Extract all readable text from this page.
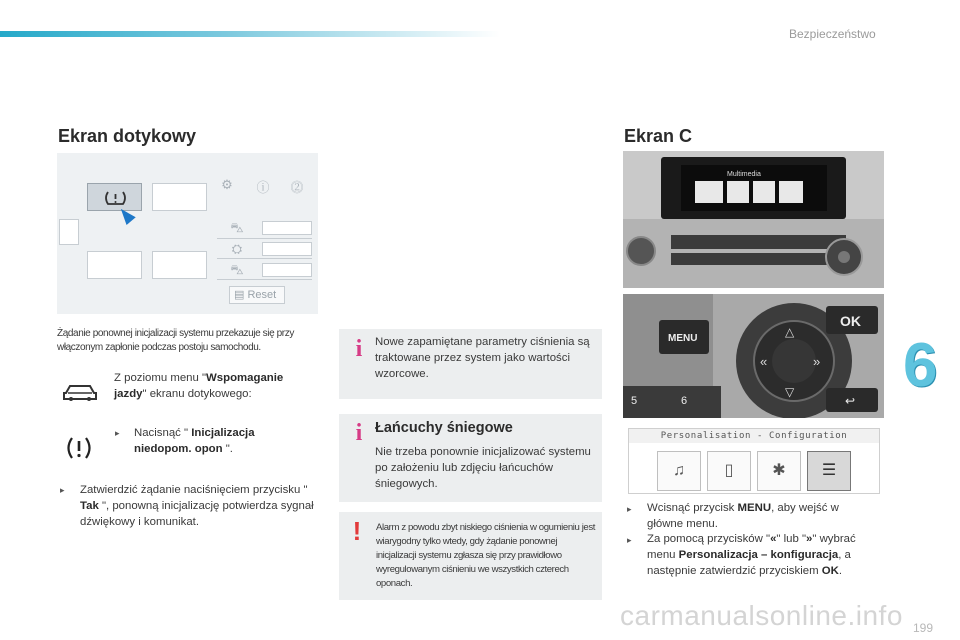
Bezpieczeństwo
Ekran dotykowy	Ekran C
6
⚙	ⓘ	⓶
⛍
⛭
⛍
▤ Reset
Żądanie ponownej inicjalizacji systemu przekazuje się przy włączonym zapłonie podczas postoju samochodu.
Z poziomu menu "Wspomaganie jazdy" ekranu dotykowego:
▸ Nacisnąć " Inicjalizacja niedopom. opon ".
▸ Zatwierdzić żądanie naciśnięciem przycisku " Tak ", ponowną inicjalizację potwierdza sygnał dźwiękowy i komunikat.
i	Nowe zapamiętane parametry ciśnienia są traktowane przez system jako wartości wzorcowe.
i Łańcuchy śniegowe
Nie trzeba ponownie inicjalizować systemu po założeniu lub zdjęciu łańcuchów śniegowych.
!	Alarm z powodu zbyt niskiego ciśnienia w ogumieniu jest wiarygodny tylko wtedy, gdy żądanie ponownej inicjalizacji systemu zgłasza się przy prawidłowo wyregulowanym ciśnieniu we wszystkich czterech oponach.
Multimedia
MENU	△
▽
«	»
OK
↩
5	6
Personalisation - Configuration
♫	▯	✱	☰
▸ Wcisnąć przycisk MENU, aby wejść w główne menu.
▸ Za pomocą przycisków "«" lub "»" wybrać menu Personalizacja – konfiguracja, a następnie zatwierdzić przyciskiem OK.
carmanualsonline.info 199
